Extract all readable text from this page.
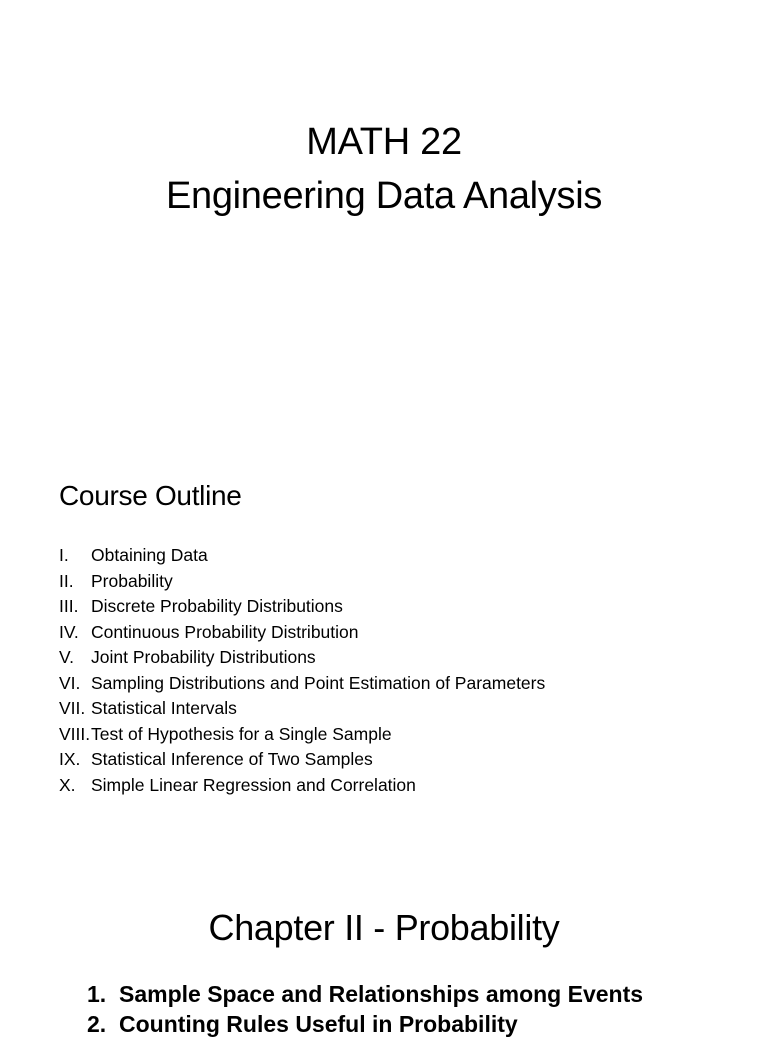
MATH 22
Engineering Data Analysis
Course Outline
I. Obtaining Data
II. Probability
III. Discrete Probability Distributions
IV. Continuous Probability Distribution
V. Joint Probability Distributions
VI. Sampling Distributions and Point Estimation of Parameters
VII. Statistical Intervals
VIII.Test of Hypothesis for a Single Sample
IX. Statistical Inference of Two Samples
X. Simple Linear Regression and Correlation
Chapter II - Probability
1. Sample Space and Relationships among Events
2. Counting Rules Useful in Probability
